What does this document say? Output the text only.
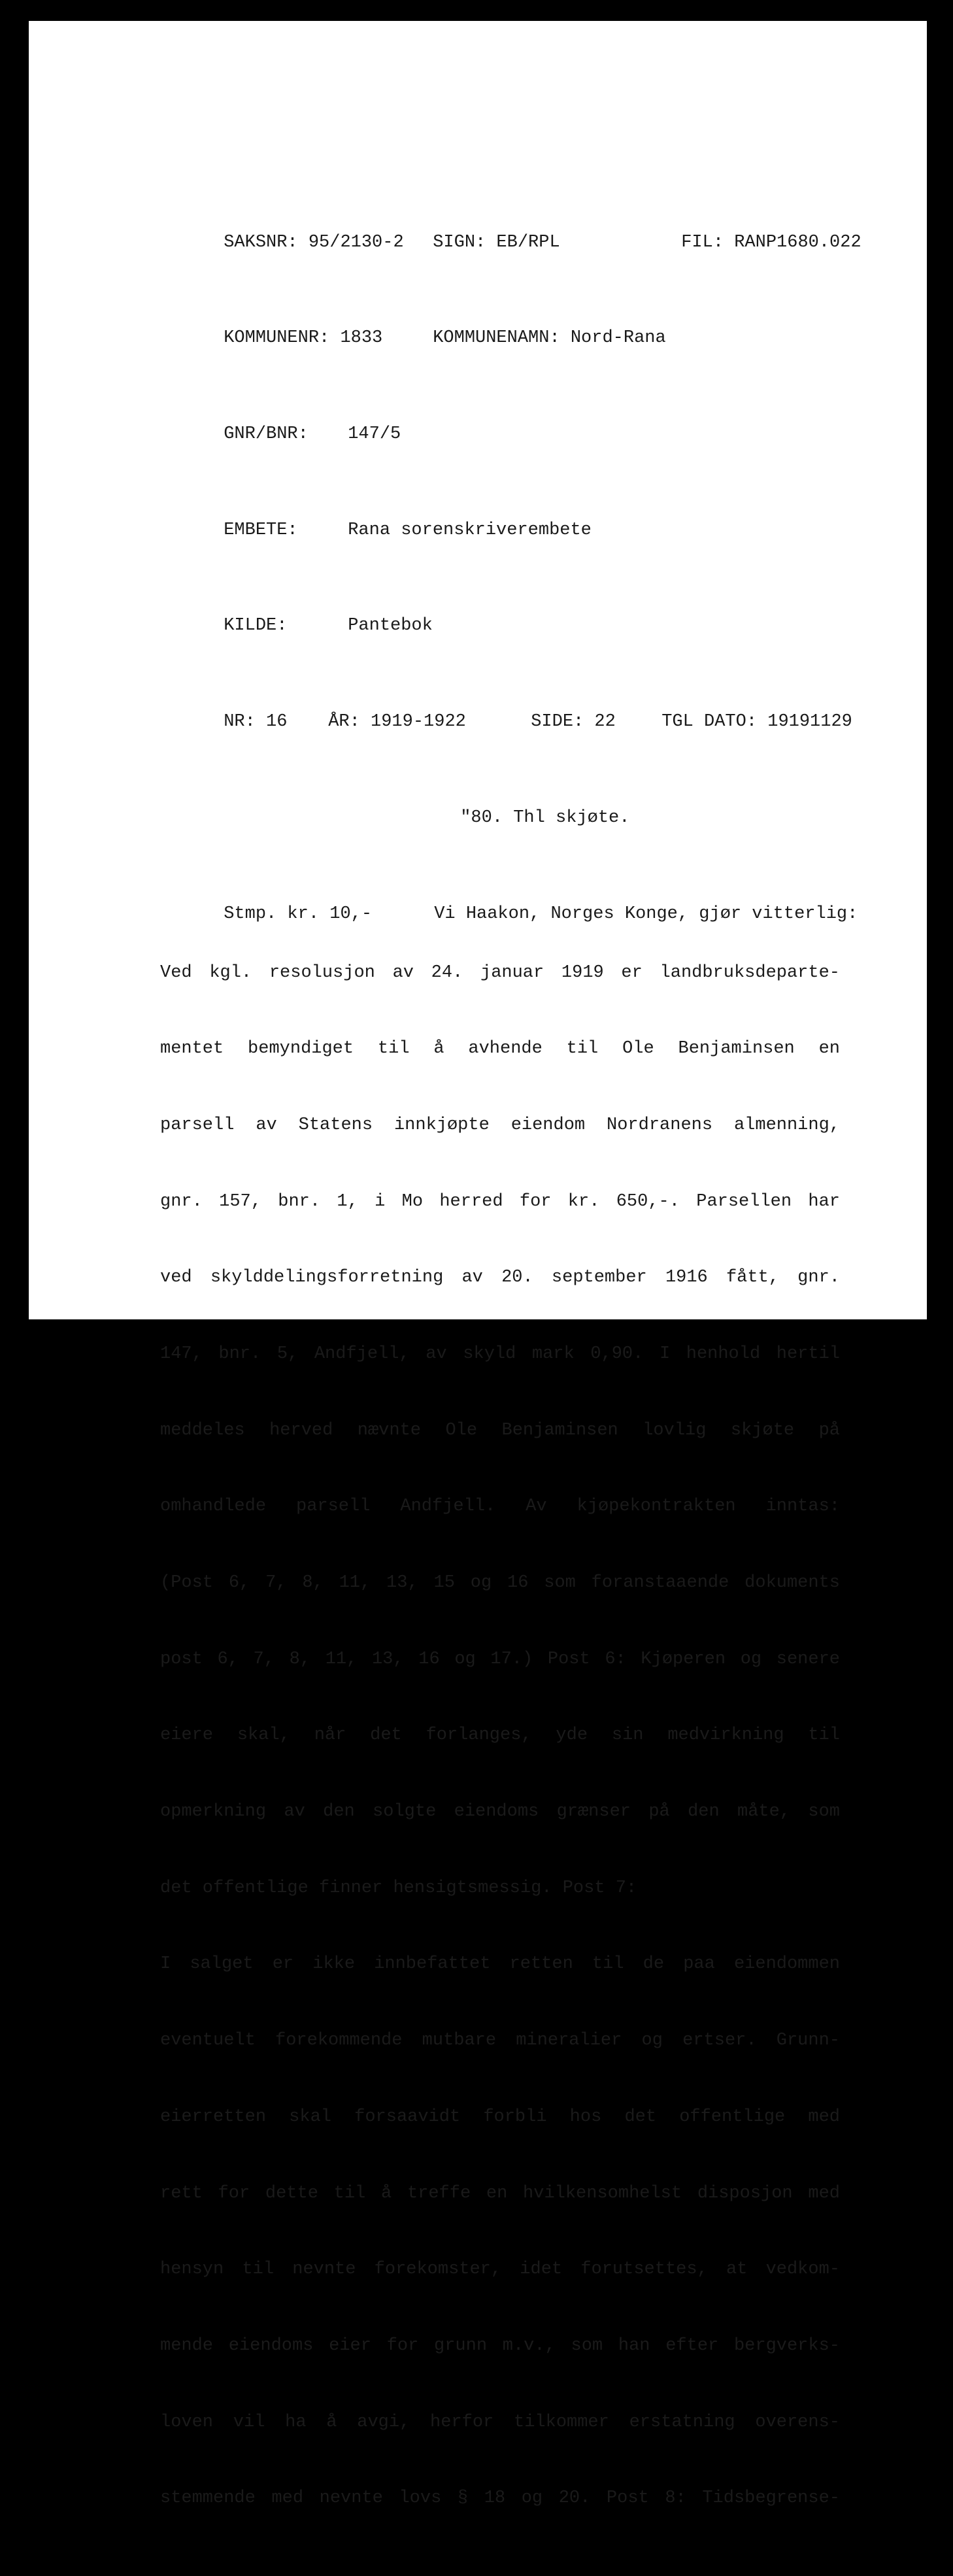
SAKSNR: 95/2130-2 SIGN: EB/RPL	FIL: RANP1680.022

KOMMUNENR: 1833	KOMMUNENAMN: Nord-Rana

GNR/BNR: 147/5

EMBETE:	Rana sorenskriverembete

KILDE:	Pantebok

NR: 16 ÅR: 1919-1922	SIDE: 22	TGL DATO: 19191129

"80. Thl skjøte.

Stmp. kr. 10,-	Vi Haakon, Norges Konge, gjør vitterlig:

Ved kgl. resolusjon av 24. januar 1919 er landbruksdeparte-

mentet bemyndiget til å avhende til Ole Benjaminsen en

parsell av Statens innkjøpte eiendom Nordranens almenning,

gnr. 157, bnr. 1, i Mo herred for kr. 650,-. Parsellen har

ved skylddelingsforretning av 20. september 1916 fått, gnr.

147, bnr. 5, Andfjell, av skyld mark 0,90. I henhold hertil

meddeles herved nævnte Ole Benjaminsen lovlig skjøte på

omhandlede parsell Andfjell. Av kjøpekontrakten inntas:

(Post 6, 7, 8, 11, 13, 15 og 16 som foranstaaende dokuments

post 6, 7, 8, 11, 13, 16 og 17.) Post 6: Kjøperen og senere

eiere skal, når det forlanges, yde sin medvirkning til

opmerkning av den solgte eiendoms grænser på den måte, som

det offentlige finner hensigtsmessig. Post 7:

I salget er ikke innbefattet retten til de paa eiendommen

eventuelt forekommende mutbare mineralier og ertser. Grunn-

eierretten skal forsaavidt forbli hos det offentlige med

rett for dette til å treffe en hvilkensomhelst disposjon med

hensyn til nevnte forekomster, idet forutsettes, at vedkom-

mende eiendoms eier for grunn m.v., som han efter bergverks-

loven vil ha å avgi, herfor tilkommer erstatning overens-

stemmende med nevnte lovs § 18 og 20. Post 8: Tidsbegrense-
